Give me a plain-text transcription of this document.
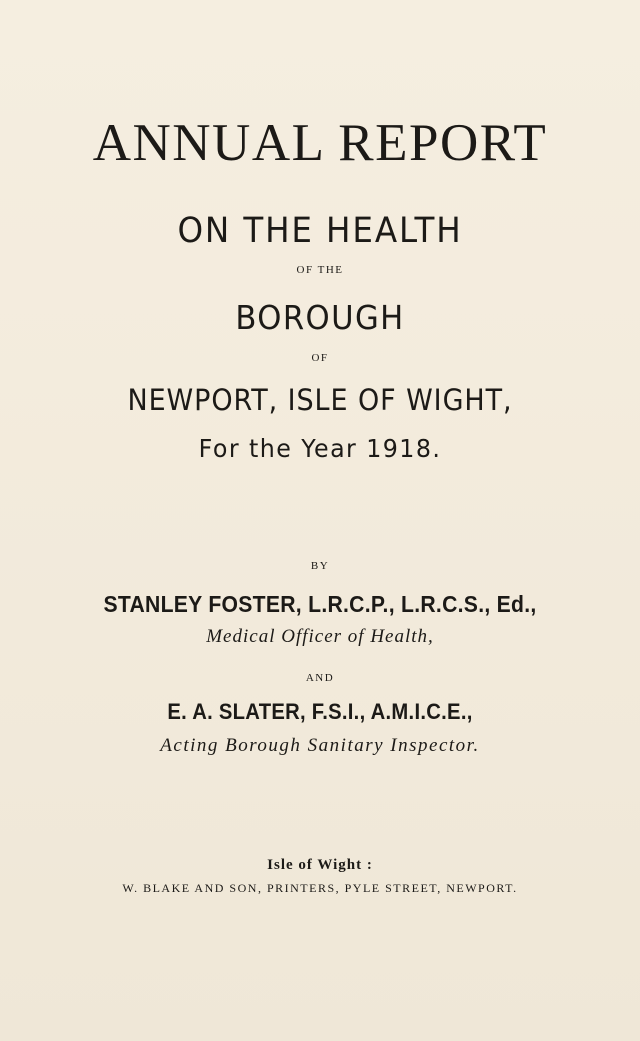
ANNUAL REPORT
ON THE HEALTH
OF THE
BOROUGH
OF
NEWPORT, ISLE OF WIGHT,
For the Year 1918.
BY
STANLEY FOSTER, L.R.C.P., L.R.C.S., Ed.,
Medical Officer of Health,
AND
E. A. SLATER, F.S.I., A.M.I.C.E.,
Acting Borough Sanitary Inspector.
Isle of Wight :
W. BLAKE AND SON, PRINTERS, PYLE STREET, NEWPORT.
